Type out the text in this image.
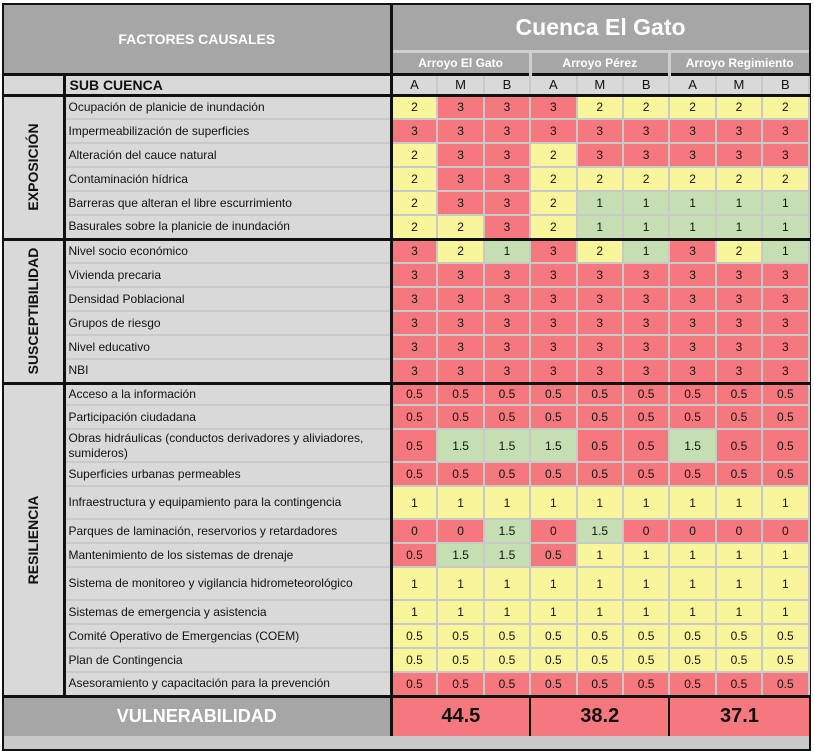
FACTORES CAUSALES		Cuenca El Gato								
		Arroyo El Gato			Arroyo Pérez			Arroyo Regimiento		
	SUB CUENCA	A	M	B	A	M	B	A	M	B

EXPOSICIÓN	Ocupación de planicie de inundación	2	3	3	3	2	2	2	2	2
	Impermeabilización de superficies	3	3	3	3	3	3	3	3	3
	Alteración del cauce natural	2	3	3	2	3	3	3	3	3
	Contaminación hídrica	2	3	3	2	2	2	2	2	2
	Barreras que alteran el libre escurrimiento	2	3	3	2	1	1	1	1	1
	Basurales sobre la planicie de inundación	2	2	3	2	1	1	1	1	1

SUSCEPTIBILIDAD	Nivel socio económico	3	2	1	3	2	1	3	2	1
	Vivienda precaria	3	3	3	3	3	3	3	3	3
	Densidad Poblacional	3	3	3	3	3	3	3	3	3
	Grupos de riesgo	3	3	3	3	3	3	3	3	3
	Nivel educativo	3	3	3	3	3	3	3	3	3
	NBI	3	3	3	3	3	3	3	3	3

RESILIENCIA	Acceso a la información	0.5	0.5	0.5	0.5	0.5	0.5	0.5	0.5	0.5
	Participación ciudadana	0.5	0.5	0.5	0.5	0.5	0.5	0.5	0.5	0.5
	Obras hidráulicas (conductos derivadores y aliviadores, sumideros)	0.5	1.5	1.5	1.5	0.5	0.5	1.5	0.5	0.5
	Superficies urbanas permeables	0.5	0.5	0.5	0.5	0.5	0.5	0.5	0.5	0.5
	Infraestructura y equipamiento para la contingencia	1	1	1	1	1	1	1	1	1
	Parques de laminación, reservorios y retardadores	0	0	1.5	0	1.5	0	0	0	0
	Mantenimiento de los sistemas de drenaje	0.5	1.5	1.5	0.5	1	1	1	1	1
	Sistema de monitoreo y vigilancia hidrometeorológico	1	1	1	1	1	1	1	1	1
	Sistemas de emergencia y asistencia	1	1	1	1	1	1	1	1	1
	Comité Operativo de Emergencias (COEM)	0.5	0.5	0.5	0.5	0.5	0.5	0.5	0.5	0.5
	Plan de Contingencia	0.5	0.5	0.5	0.5	0.5	0.5	0.5	0.5	0.5
	Asesoramiento y capacitación para la prevención	0.5	0.5	0.5	0.5	0.5	0.5	0.5	0.5	0.5
VULNERABILIDAD		44.5			38.2			37.1		
